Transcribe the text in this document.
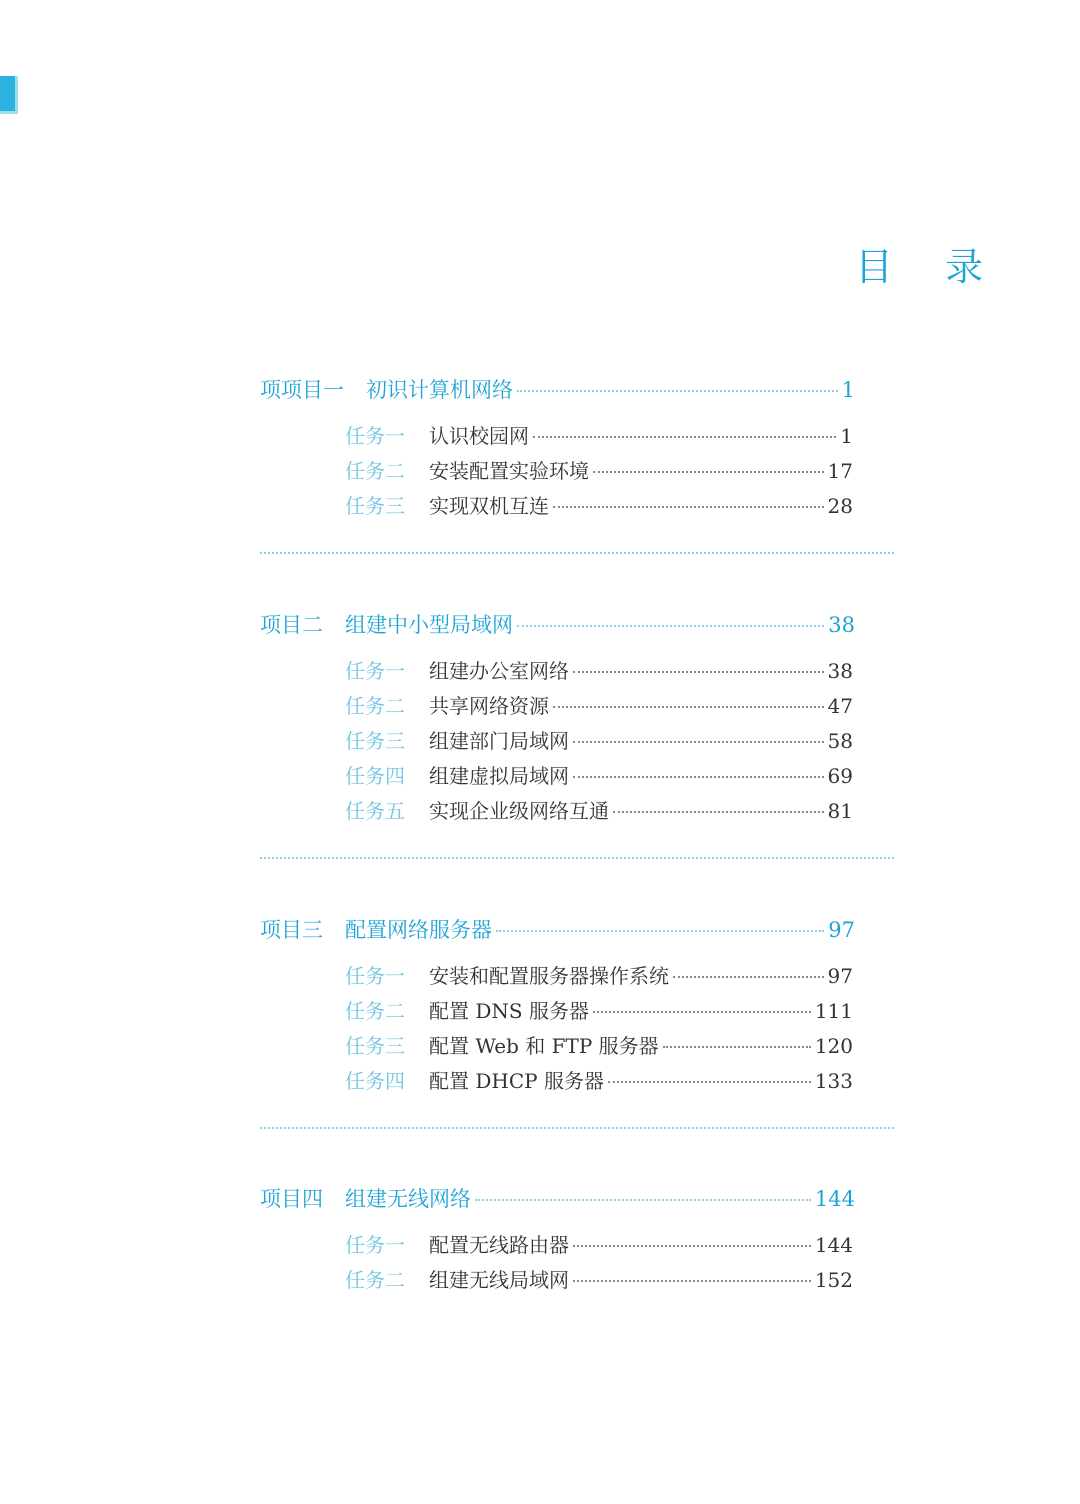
目 录
项项目一 初识计算机网络	1
任务一	认识校园网	1
任务二	安装配置实验环境	17
任务三	实现双机互连	28
项目二 组建中小型局域网	38
任务一	组建办公室网络	38
任务二	共享网络资源	47
任务三	组建部门局域网	58
任务四	组建虚拟局域网	69
任务五	实现企业级网络互通	81
项目三 配置网络服务器	97
任务一	安装和配置服务器操作系统	97
任务二	配置 DNS 服务器	111
任务三	配置 Web 和 FTP 服务器	120
任务四	配置 DHCP 服务器	133
项目四 组建无线网络	144
任务一	配置无线路由器	144
任务二	组建无线局域网	152
